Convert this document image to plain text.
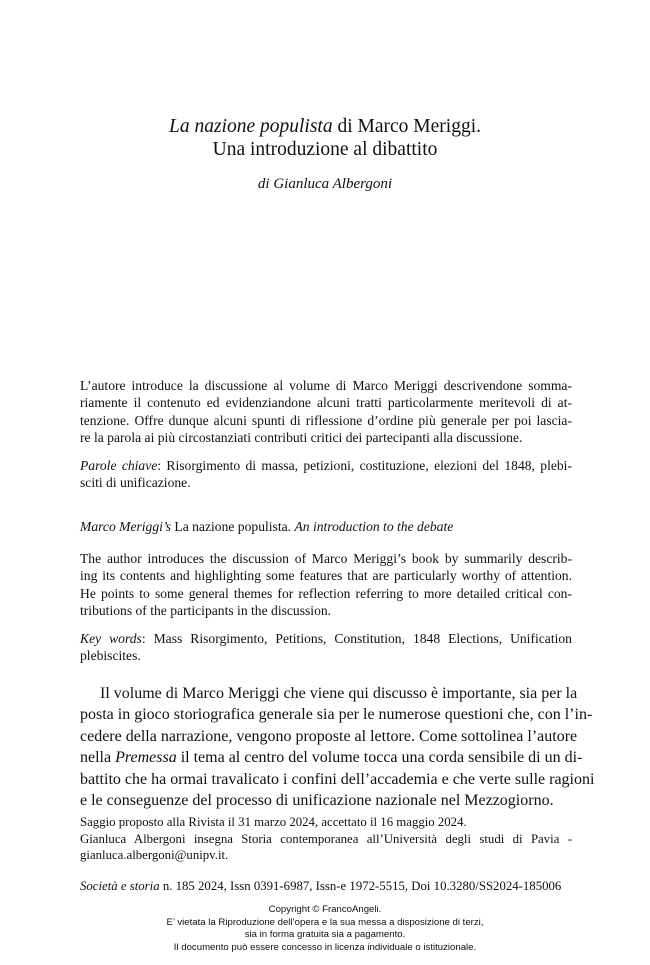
La nazione populista di Marco Meriggi.
Una introduzione al dibattito
di Gianluca Albergoni
L’autore introduce la discussione al volume di Marco Meriggi descrivendone somma-
riamente il contenuto ed evidenziandone alcuni tratti particolarmente meritevoli di at-
tenzione. Offre dunque alcuni spunti di riflessione d’ordine più generale per poi lascia-
re la parola ai più circostanziati contributi critici dei partecipanti alla discussione.
Parole chiave: Risorgimento di massa, petizioni, costituzione, elezioni del 1848, plebi-
sciti di unificazione.
Marco Meriggi’s La nazione populista. An introduction to the debate
The author introduces the discussion of Marco Meriggi’s book by summarily describ-
ing its contents and highlighting some features that are particularly worthy of attention.
He points to some general themes for reflection referring to more detailed critical con-
tributions of the participants in the discussion.
Key words: Mass Risorgimento, Petitions, Constitution, 1848 Elections, Unification
plebiscites.
Il volume di Marco Meriggi che viene qui discusso è importante, sia per la
posta in gioco storiografica generale sia per le numerose questioni che, con l’in-
cedere della narrazione, vengono proposte al lettore. Come sottolinea l’autore
nella Premessa il tema al centro del volume tocca una corda sensibile di un di-
battito che ha ormai travalicato i confini dell’accademia e che verte sulle ragioni
e le conseguenze del processo di unificazione nazionale nel Mezzogiorno.
Saggio proposto alla Rivista il 31 marzo 2024, accettato il 16 maggio 2024.
Gianluca Albergoni insegna Storia contemporanea all’Università degli studi di Pavia -
gianluca.albergoni@unipv.it.
Società e storia n. 185 2024, Issn 0391-6987, Issn-e 1972-5515, Doi 10.3280/SS2024-185006
Copyright © FrancoAngeli.
E’ vietata la Riproduzione dell’opera e la sua messa a disposizione di terzi,
sia in forma gratuita sia a pagamento.
Il documento può essere concesso in licenza individuale o istituzionale.
